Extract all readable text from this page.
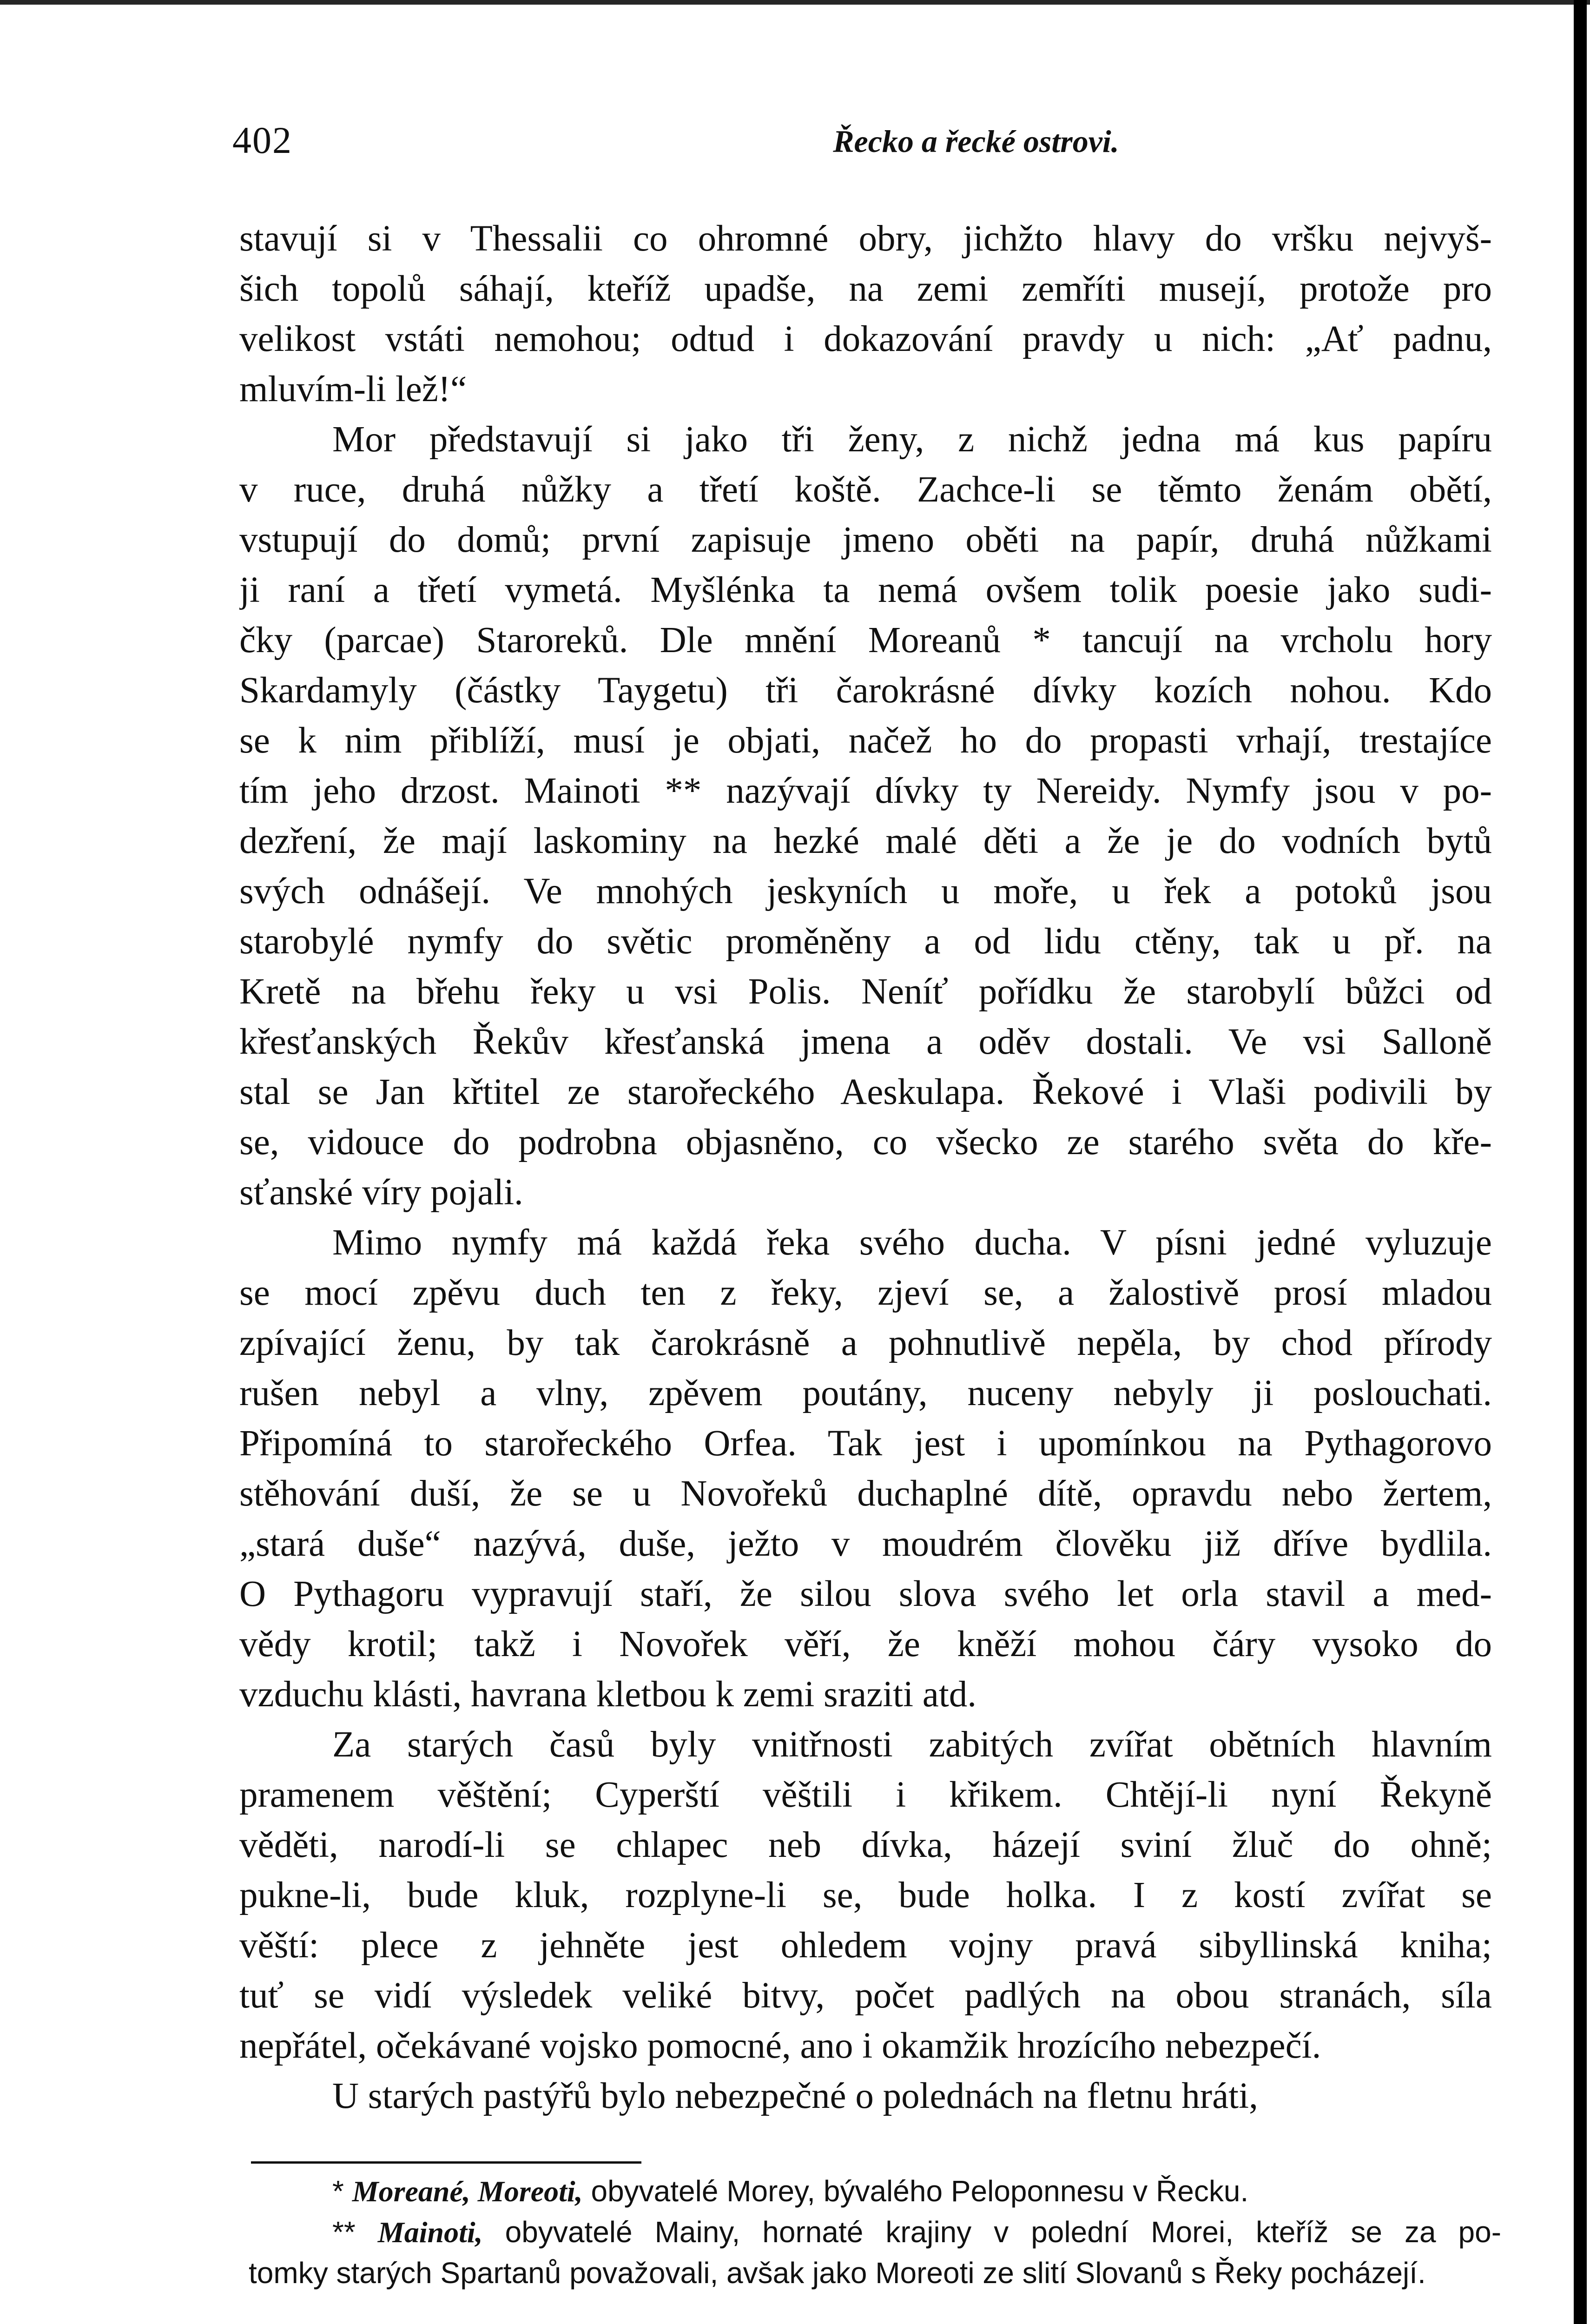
402	Řecko a řecké ostrovi.
stavují si v Thessalii co ohromné obry, jichžto hlavy do vršku nejvyš-
šich topolů sáhají, kteříž upadše, na zemi zemříti musejí, protože pro
velikost vstáti nemohou; odtud i dokazování pravdy u nich: „Ať padnu,
mluvím-li lež!“
Mor představují si jako tři ženy, z nichž jedna má kus papíru
v ruce, druhá nůžky a třetí koště. Zachce-li se těmto ženám obětí,
vstupují do domů; první zapisuje jmeno oběti na papír, druhá nůžkami
ji raní a třetí vymetá. Myšlénka ta nemá ovšem tolik poesie jako sudi-
čky (parcae) Staroreků. Dle mnění Moreanů * tancují na vrcholu hory
Skardamyly (částky Taygetu) tři čarokrásné dívky kozích nohou. Kdo
se k nim přiblíží, musí je objati, načež ho do propasti vrhají, trestajíce
tím jeho drzost. Mainoti ** nazývají dívky ty Nereidy. Nymfy jsou v po-
dezření, že mají laskominy na hezké malé děti a že je do vodních bytů
svých odnášejí. Ve mnohých jeskyních u moře, u řek a potoků jsou
starobylé nymfy do světic proměněny a od lidu ctěny, tak u př. na
Kretě na břehu řeky u vsi Polis. Neníť pořídku že starobylí bůžci od
křesťanských Řekův křesťanská jmena a oděv dostali. Ve vsi Salloně
stal se Jan křtitel ze starořeckého Aeskulapa. Řekové i Vlaši podivili by
se, vidouce do podrobna objasněno, co všecko ze starého světa do kře-
sťanské víry pojali.
Mimo nymfy má každá řeka svého ducha. V písni jedné vyluzuje
se mocí zpěvu duch ten z řeky, zjeví se, a žalostivě prosí mladou
zpívající ženu, by tak čarokrásně a pohnutlivě nepěla, by chod přírody
rušen nebyl a vlny, zpěvem poutány, nuceny nebyly ji poslouchati.
Připomíná to starořeckého Orfea. Tak jest i upomínkou na Pythagorovo
stěhování duší, že se u Novořeků duchaplné dítě, opravdu nebo žertem,
„stará duše“ nazývá, duše, ježto v moudrém člověku již dříve bydlila.
O Pythagoru vypravují staří, že silou slova svého let orla stavil a med-
vědy krotil; takž i Novořek věří, že kněží mohou čáry vysoko do
vzduchu klásti, havrana kletbou k zemi sraziti atd.
Za starých časů byly vnitřnosti zabitých zvířat obětních hlavním
pramenem věštění; Cyperští věštili i křikem. Chtějí-li nyní Řekyně
věděti, narodí-li se chlapec neb dívka, házejí sviní žluč do ohně;
pukne-li, bude kluk, rozplyne-li se, bude holka. I z kostí zvířat se
věští: plece z jehněte jest ohledem vojny pravá sibyllinská kniha;
tuť se vidí výsledek veliké bitvy, počet padlých na obou stranách, síla
nepřátel, očekávané vojsko pomocné, ano i okamžik hrozícího nebezpečí.
U starých pastýřů bylo nebezpečné o polednách na fletnu hráti,
* Moreané, Moreoti, obyvatelé Morey, bývalého Peloponnesu v Řecku.
** Mainoti, obyvatelé Mainy, hornaté krajiny v polední Morei, kteříž se za po-
tomky starých Spartanů považovali, avšak jako Moreoti ze slití Slovanů s Řeky pocházejí.
